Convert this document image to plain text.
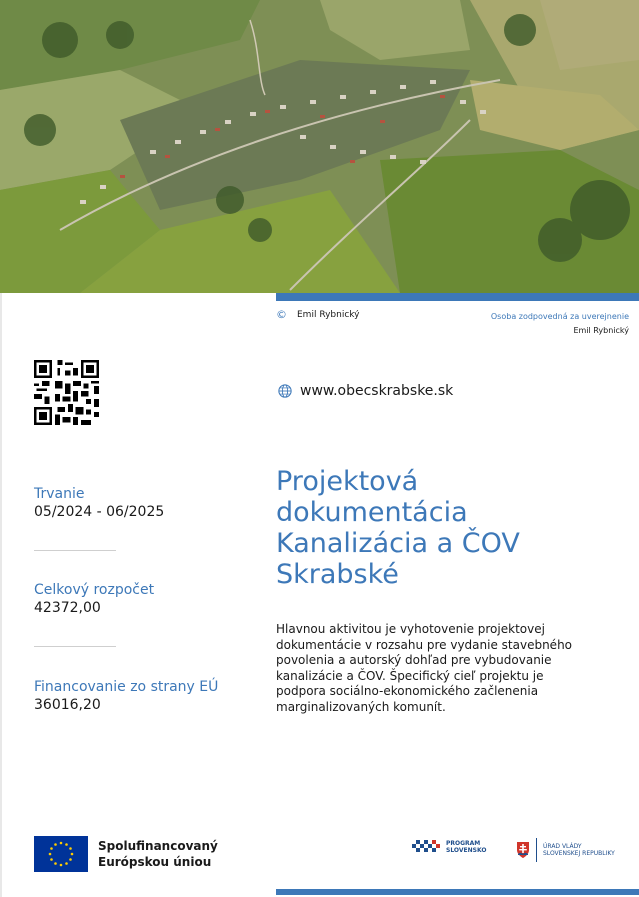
© Emil Rybnický	Osoba zodpovedná za uverejnenie
Emil Rybnický
www.obecskrabske.sk
Projektová
dokumentácia
Kanalizácia a ČOV
Skrabské
Hlavnou aktivitou je vyhotovenie projektovej dokumentácie v rozsahu pre vydanie stavebného povolenia a autorský dohľad pre vybudovanie kanalizácie a ČOV. Špecifický cieľ projektu je podpora sociálno-ekonomického začlenenia marginalizovaných komunít.
Trvanie
05/2024 - 06/2025
Celkový rozpočet
42372,00
Financovanie zo strany EÚ
36016,20
Spolufinancovaný
Európskou úniou
PROGRAM
SLOVENSKO
ÚRAD VLÁDY
SLOVENSKEJ REPUBLIKY
